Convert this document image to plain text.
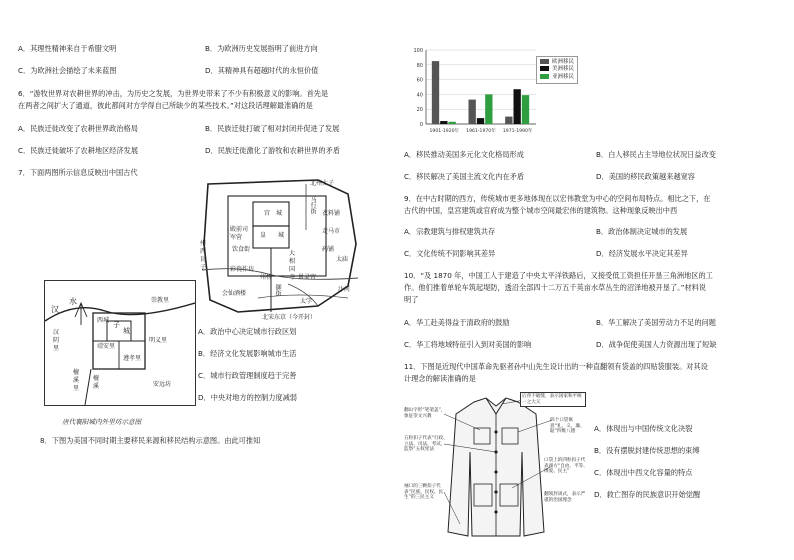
A．其理性精神来自于希腊文明	B．为欧洲历史发展指明了前进方向
C．为欧洲社会描绘了未来蓝图	D．其精神具有超越时代的永恒价值
6．“游牧世界对农耕世界的冲击，为历史之发展，为世界史带来了不少有积极意义的影响。首先是
在两者之间扩大了通道，彼此都间对方学得自己所缺少的某些技术。”对这段话理解最准确的是
A．民族迁徙改变了农耕世界政治格局	B．民族迁徙打破了相对封闭并促进了发展
C．民族迁徙破坏了农耕地区经济发展	D．民族迁徙激化了游牧和农耕世界的矛盾
7．下面两图所示信息反映出中国古代
北州太子
马行街
宫 城
皇 城
衣料铺
殿前司军营
走马市
饮食街	药铺
大相国寺
彩瓷作坊
太庙
州桥	景灵宫
州西瓦子
会仙酒楼	御街	汴河
太学
北宋东京（今开封）
汉
水
子
城
崇教里
汉阴里
西城
靖安里
明义里
遵孝里
檀溪里
檀溪	安远坊
唐代襄阳城内外里坊示意图
A．政治中心决定城市行政区划
B．经济文化发展影响城市生活
C．城市行政管理制度趋于完善
D．中央对地方的控制力度减弱
8．下图为美国不同时期主要移民来源和移民结构示意图。由此可推知
100
80
60
40
20
0
1901-1920年 1961-1970年 1971-1990年
欧洲移民
美洲移民
亚洲移民
A．移民推动美国多元化文化格局形成	B．白人移民占主导地位状况日益改变
C．移民解决了美国主流文化内在矛盾	D．美国的移民政策越来越宽容
9．在中古时期的西方，传统城市更多地体现在以宏伟教堂为中心的空间布局特点。相比之下，在
古代的中国，皇宫建筑或官府成为整个城市空间最宏伟的建筑物。这种现象反映出中西
A．宗教建筑与排权建筑共存	B．政治体制决定城市的发展
C．文化传统不同影响其差异	D．经济发展水平决定其差异
10．“及 1870 年，中国工人于建造了中央太平洋铁路后，又接受低工资担任开垦三角洲地区的工
作。他们推着单轮车筑起堤防，透沿全部四十二万五千英亩水草丛生的沼泽地被开垦了。”材料说
明了
A．华工赴美得益于清政府的鼓励	B．华工解决了美国劳动力不足的问题
C．华工将地域特征引入到对美国的影响	D．战争促使美国人力资源出现了短缺
11．下图是近现代中国革命先驱者孙中山先生设计出的一种直翻领有袋盖的四贴袋服装。对其设
计理念的解读准确的是
翻山字形“笔架盖”，象征崇文兴教
后背不破缝，表示国家和平统一之大义
四个口袋寓意“礼、义、廉、耻”四维八德
五粒扣子代表“行政、立法、司法、考试、监察”五权宪法
口袋上的四粒扣子代表西方“自由、平等、博爱、民主”
袖口的三颗扣子代表“民族、民权、民生”的三民主义
翻领封闭式，表示严谨的治国理念
A．体现出与中国传统文化决裂
B．没有摆脱封建传统思想的束缚
C．体现出中西文化容量的特点
D．救亡图存的民族意识开始觉醒
